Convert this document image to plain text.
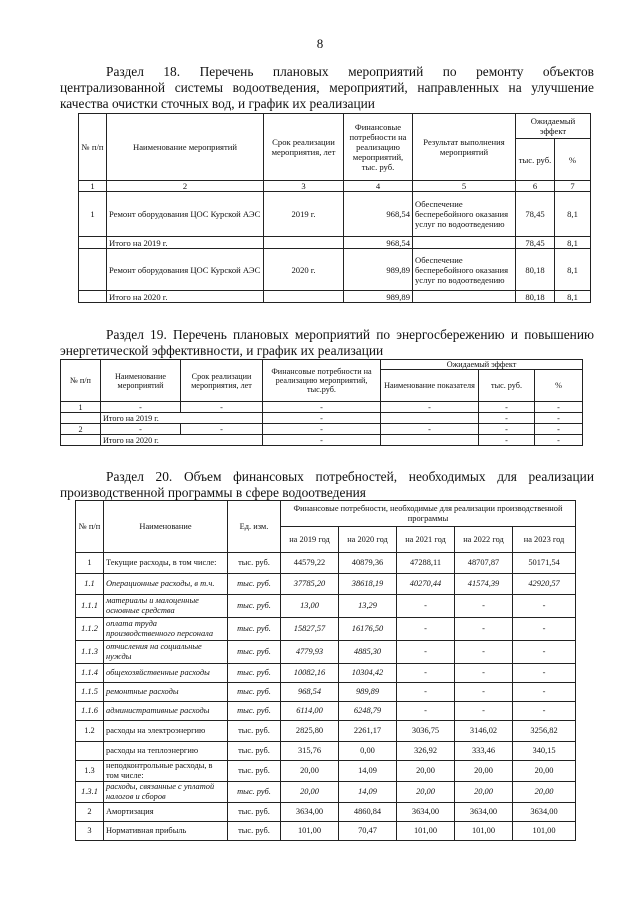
8
Раздел 18. Перечень плановых мероприятий по ремонту объектов
централизованной системы водоотведения, мероприятий, направленных на улучшение качества очистки сточных вод, и график их реализации
№ п/п	Наименование мероприятий	Срок реализации мероприятия, лет	Финансовые потребности на реализацию мероприятий, тыс. руб.	Результат выполнения мероприятий	Ожидаемый эффект	
					тыс. руб.	%
1	2	3	4	5	6	7
1	Ремонт оборудования ЦОС Курской АЭС	2019 г.	968,54	Обеспечение бесперебойного оказания услуг по водоотведению	78,45	8,1
	Итого на 2019 г.		968,54		78,45	8,1
	Ремонт оборудования ЦОС Курской АЭС	2020 г.	989,89	Обеспечение бесперебойного оказания услуг по водоотведению	80,18	8,1
	Итого на 2020 г.		989,89		80,18	8,1
Раздел 19. Перечень плановых мероприятий по энергосбережению и повышению
энергетической эффективности, и график их реализации
№ п/п	Наименование мероприятий	Срок реализации мероприятия, лет	Финансовые потребности на реализацию мероприятий, тыс.руб.	Ожидаемый эффект		
				Наименование показателя	тыс. руб.	%
1	-	-	-	-	-	-
	Итого на 2019 г.		-		-	-
2	-	-	-	-	-	-
	Итого на 2020 г.		-		-	-
Раздел 20. Объем финансовых потребностей, необходимых для реализации
производственной программы в сфере водоотведения
№ п/п	Наименование	Ед. изм.	Финансовые потребности, необходимые для реализации производственной программы				
			на 2019 год	на 2020 год	на 2021 год	на 2022 год	на 2023 год
1	Текущие расходы, в том числе:	тыс. руб.	44579,22	40879,36	47288,11	48707,87	50171,54
1.1	Операционные расходы, в т.ч.	тыс. руб.	37785,20	38618,19	40270,44	41574,39	42920,57
1.1.1	материалы и малоценные основные средства	тыс. руб.	13,00	13,29	-	-	-
1.1.2	оплата труда производственного персонала	тыс. руб.	15827,57	16176,50	-	-	-
1.1.3	отчисления на социальные нужды	тыс. руб.	4779,93	4885,30	-	-	-
1.1.4	общехозяйственные расходы	тыс. руб.	10082,16	10304,42	-	-	-
1.1.5	ремонтные расходы	тыс. руб.	968,54	989,89	-	-	-
1.1.6	административные расходы	тыс. руб.	6114,00	6248,79	-	-	-
1.2	расходы на электроэнергию	тыс. руб.	2825,80	2261,17	3036,75	3146,02	3256,82
	расходы на теплоэнергию	тыс. руб.	315,76	0,00	326,92	333,46	340,15
1.3	неподконтрольные расходы, в том числе:	тыс. руб.	20,00	14,09	20,00	20,00	20,00
1.3.1	расходы, связанные с уплатой налогов и сборов	тыс. руб.	20,00	14,09	20,00	20,00	20,00
2	Амортизация	тыс. руб.	3634,00	4860,84	3634,00	3634,00	3634,00
3	Нормативная прибыль	тыс. руб.	101,00	70,47	101,00	101,00	101,00
